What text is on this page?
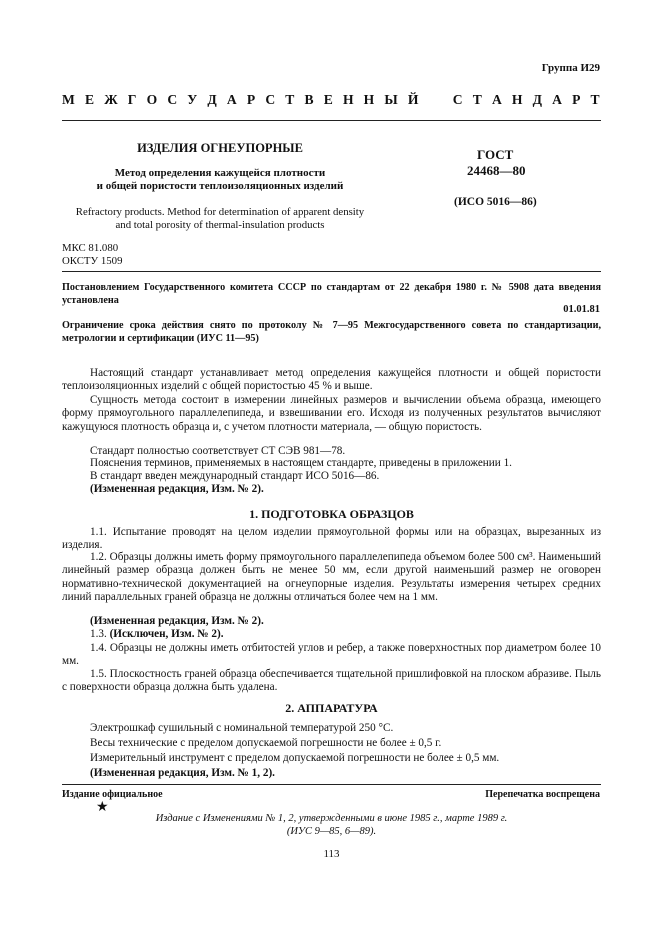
Группа И29
М Е Ж Г О С У Д А Р С Т В Е Н Н Ы Й	С Т А Н Д А Р Т
ИЗДЕЛИЯ ОГНЕУПОРНЫЕ
Метод определения кажущейся плотности
и общей пористости теплоизоляционных изделий
Refractory products. Method for determination of apparent density
and total porosity of thermal-insulation products
ГОСТ
24468—80
(ИСО 5016—86)
МКС 81.080
ОКСТУ 1509
Постановлением Государственного комитета СССР по стандартам от 22 декабря 1980 г. № 5908 дата введения установлена
01.01.81
Ограничение срока действия снято по протоколу № 7—95 Межгосударственного совета по стандартизации, метрологии и сертификации (ИУС 11—95)
Настоящий стандарт устанавливает метод определения кажущейся плотности и общей пористости теплоизоляционных изделий с общей пористостью 45 % и выше.
Сущность метода состоит в измерении линейных размеров и вычислении объема образца, имеющего форму прямоугольного параллелепипеда, и взвешивании его. Исходя из полученных результатов вычисляют кажущуюся плотность образца и, с учетом плотности материала, — общую пористость.
Стандарт полностью соответствует СТ СЭВ 981—78.
Пояснения терминов, применяемых в настоящем стандарте, приведены в приложении 1.
В стандарт введен международный стандарт ИСО 5016—86.
(Измененная редакция, Изм. № 2).
1. ПОДГОТОВКА ОБРАЗЦОВ
1.1. Испытание проводят на целом изделии прямоугольной формы или на образцах, вырезанных из изделия.
1.2. Образцы должны иметь форму прямоугольного параллелепипеда объемом более 500 см³. Наименьший линейный размер образца должен быть не менее 50 мм, если другой наименьший размер не оговорен нормативно-технической документацией на огнеупорные изделия. Результаты измерения четырех средних линий параллельных граней образца не должны отличаться более чем на 1 мм.
(Измененная редакция, Изм. № 2).
1.3. (Исключен, Изм. № 2).
1.4. Образцы не должны иметь отбитостей углов и ребер, а также поверхностных пор диаметром более 10 мм.
1.5. Плоскостность граней образца обеспечивается тщательной пришлифовкой на плоском абразиве. Пыль с поверхности образца должна быть удалена.
2. АППАРАТУРА
Электрошкаф сушильный с номинальной температурой 250 °С.
Весы технические с пределом допускаемой погрешности не более ± 0,5 г.
Измерительный инструмент с пределом допускаемой погрешности не более ± 0,5 мм.
(Измененная редакция, Изм. № 1, 2).
Издание официальное	Перепечатка воспрещена
★
Издание с Изменениями № 1, 2, утвержденными в июне 1985 г., марте 1989 г.
(ИУС 9—85, 6—89).
113
